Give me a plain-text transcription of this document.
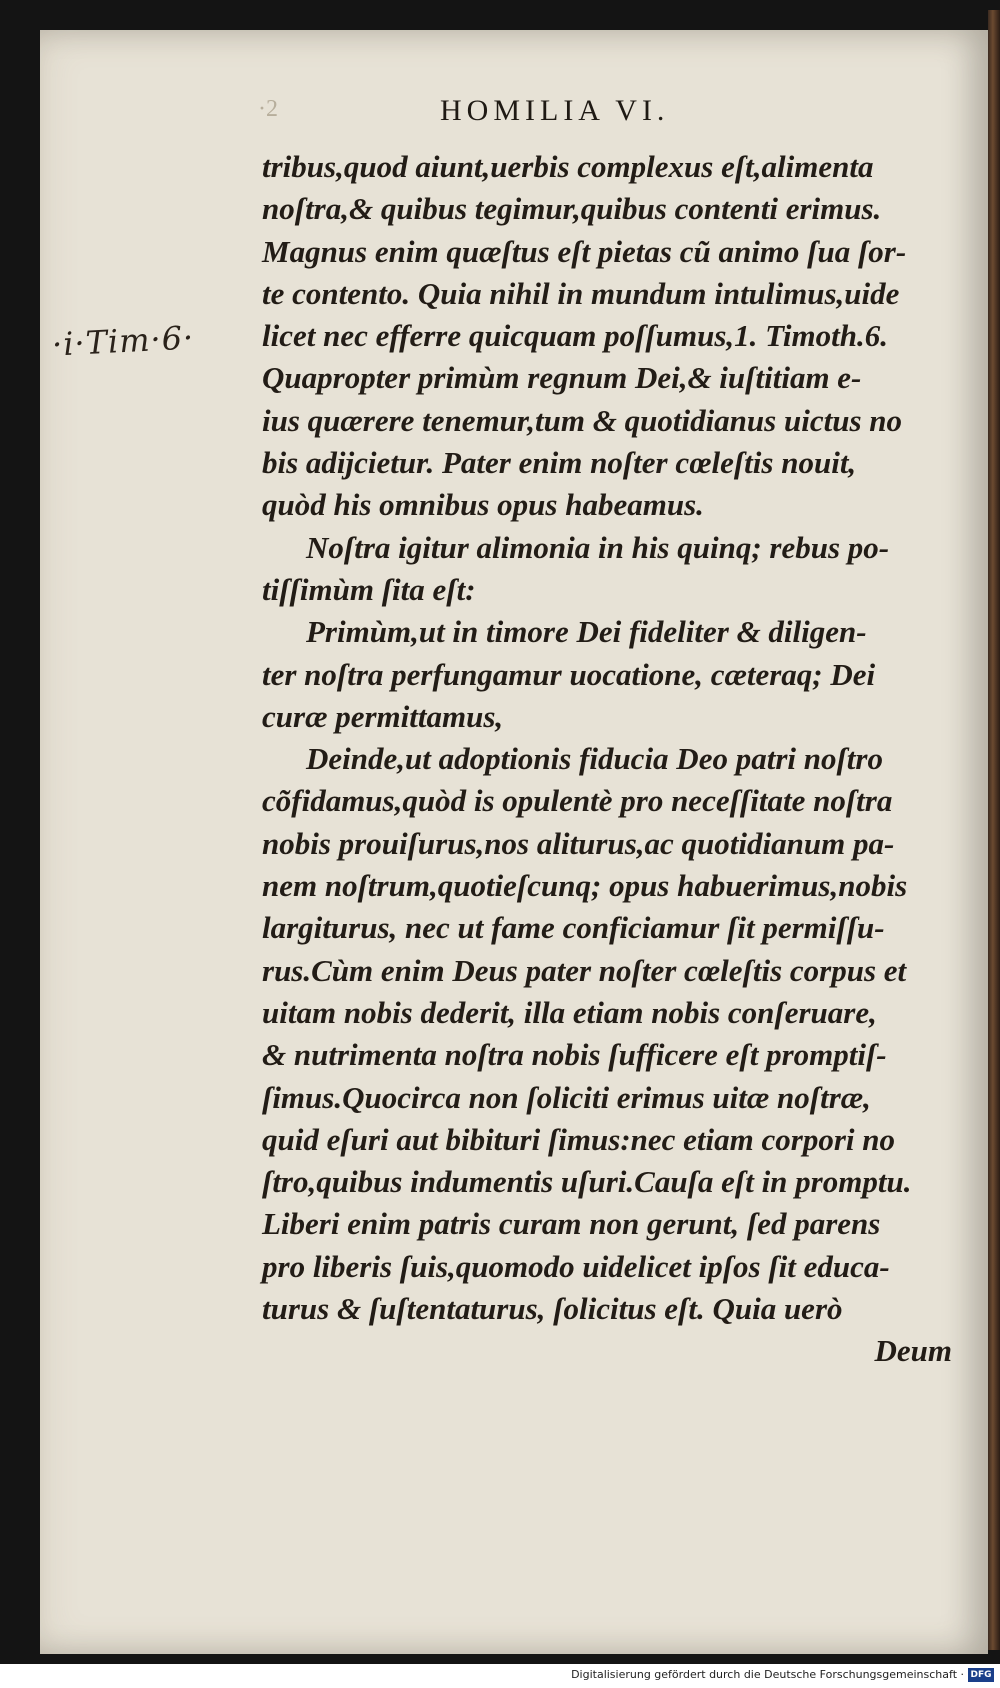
·2	HOMILIA VI.
·i·Tim·6·
tribus,quod aiunt,uerbis complexus eſt,alimenta
noſtra,& quibus tegimur,quibus contenti erimus.
Magnus enim quæſtus eſt pietas cũ animo ſua ſor-
te contento. Quia nihil in mundum intulimus,uide
licet nec efferre quicquam poſſumus,1. Timoth.6.
Quapropter primùm regnum Dei,& iuſtitiam e-
ius quærere tenemur,tum & quotidianus uictus no
bis adijcietur. Pater enim noſter cœleſtis nouit,
quòd his omnibus opus habeamus.
Noſtra igitur alimonia in his quinq; rebus po-
tiſſimùm ſita eſt:
Primùm,ut in timore Dei fideliter & diligen-
ter noſtra perfungamur uocatione, cæteraq; Dei
curæ permittamus,
Deinde,ut adoptionis fiducia Deo patri noſtro
cõfidamus,quòd is opulentè pro neceſſitate noſtra
nobis prouiſurus,nos aliturus,ac quotidianum pa-
nem noſtrum,quotieſcunq; opus habuerimus,nobis
largiturus, nec ut fame conficiamur ſit permiſſu-
rus.Cùm enim Deus pater noſter cœleſtis corpus et
uitam nobis dederit, illa etiam nobis conſeruare,
& nutrimenta noſtra nobis ſufficere eſt promptiſ-
ſimus.Quocirca non ſoliciti erimus uitæ noſtræ,
quid eſuri aut bibituri ſimus:nec etiam corpori no
ſtro,quibus indumentis uſuri.Cauſa eſt in promptu.
Liberi enim patris curam non gerunt, ſed parens
pro liberis ſuis,quomodo uidelicet ipſos ſit educa-
turus & ſuſtentaturus, ſolicitus eſt. Quia uerò
Deum
Digitalisierung gefördert durch die Deutsche Forschungsgemeinschaft · DFG
